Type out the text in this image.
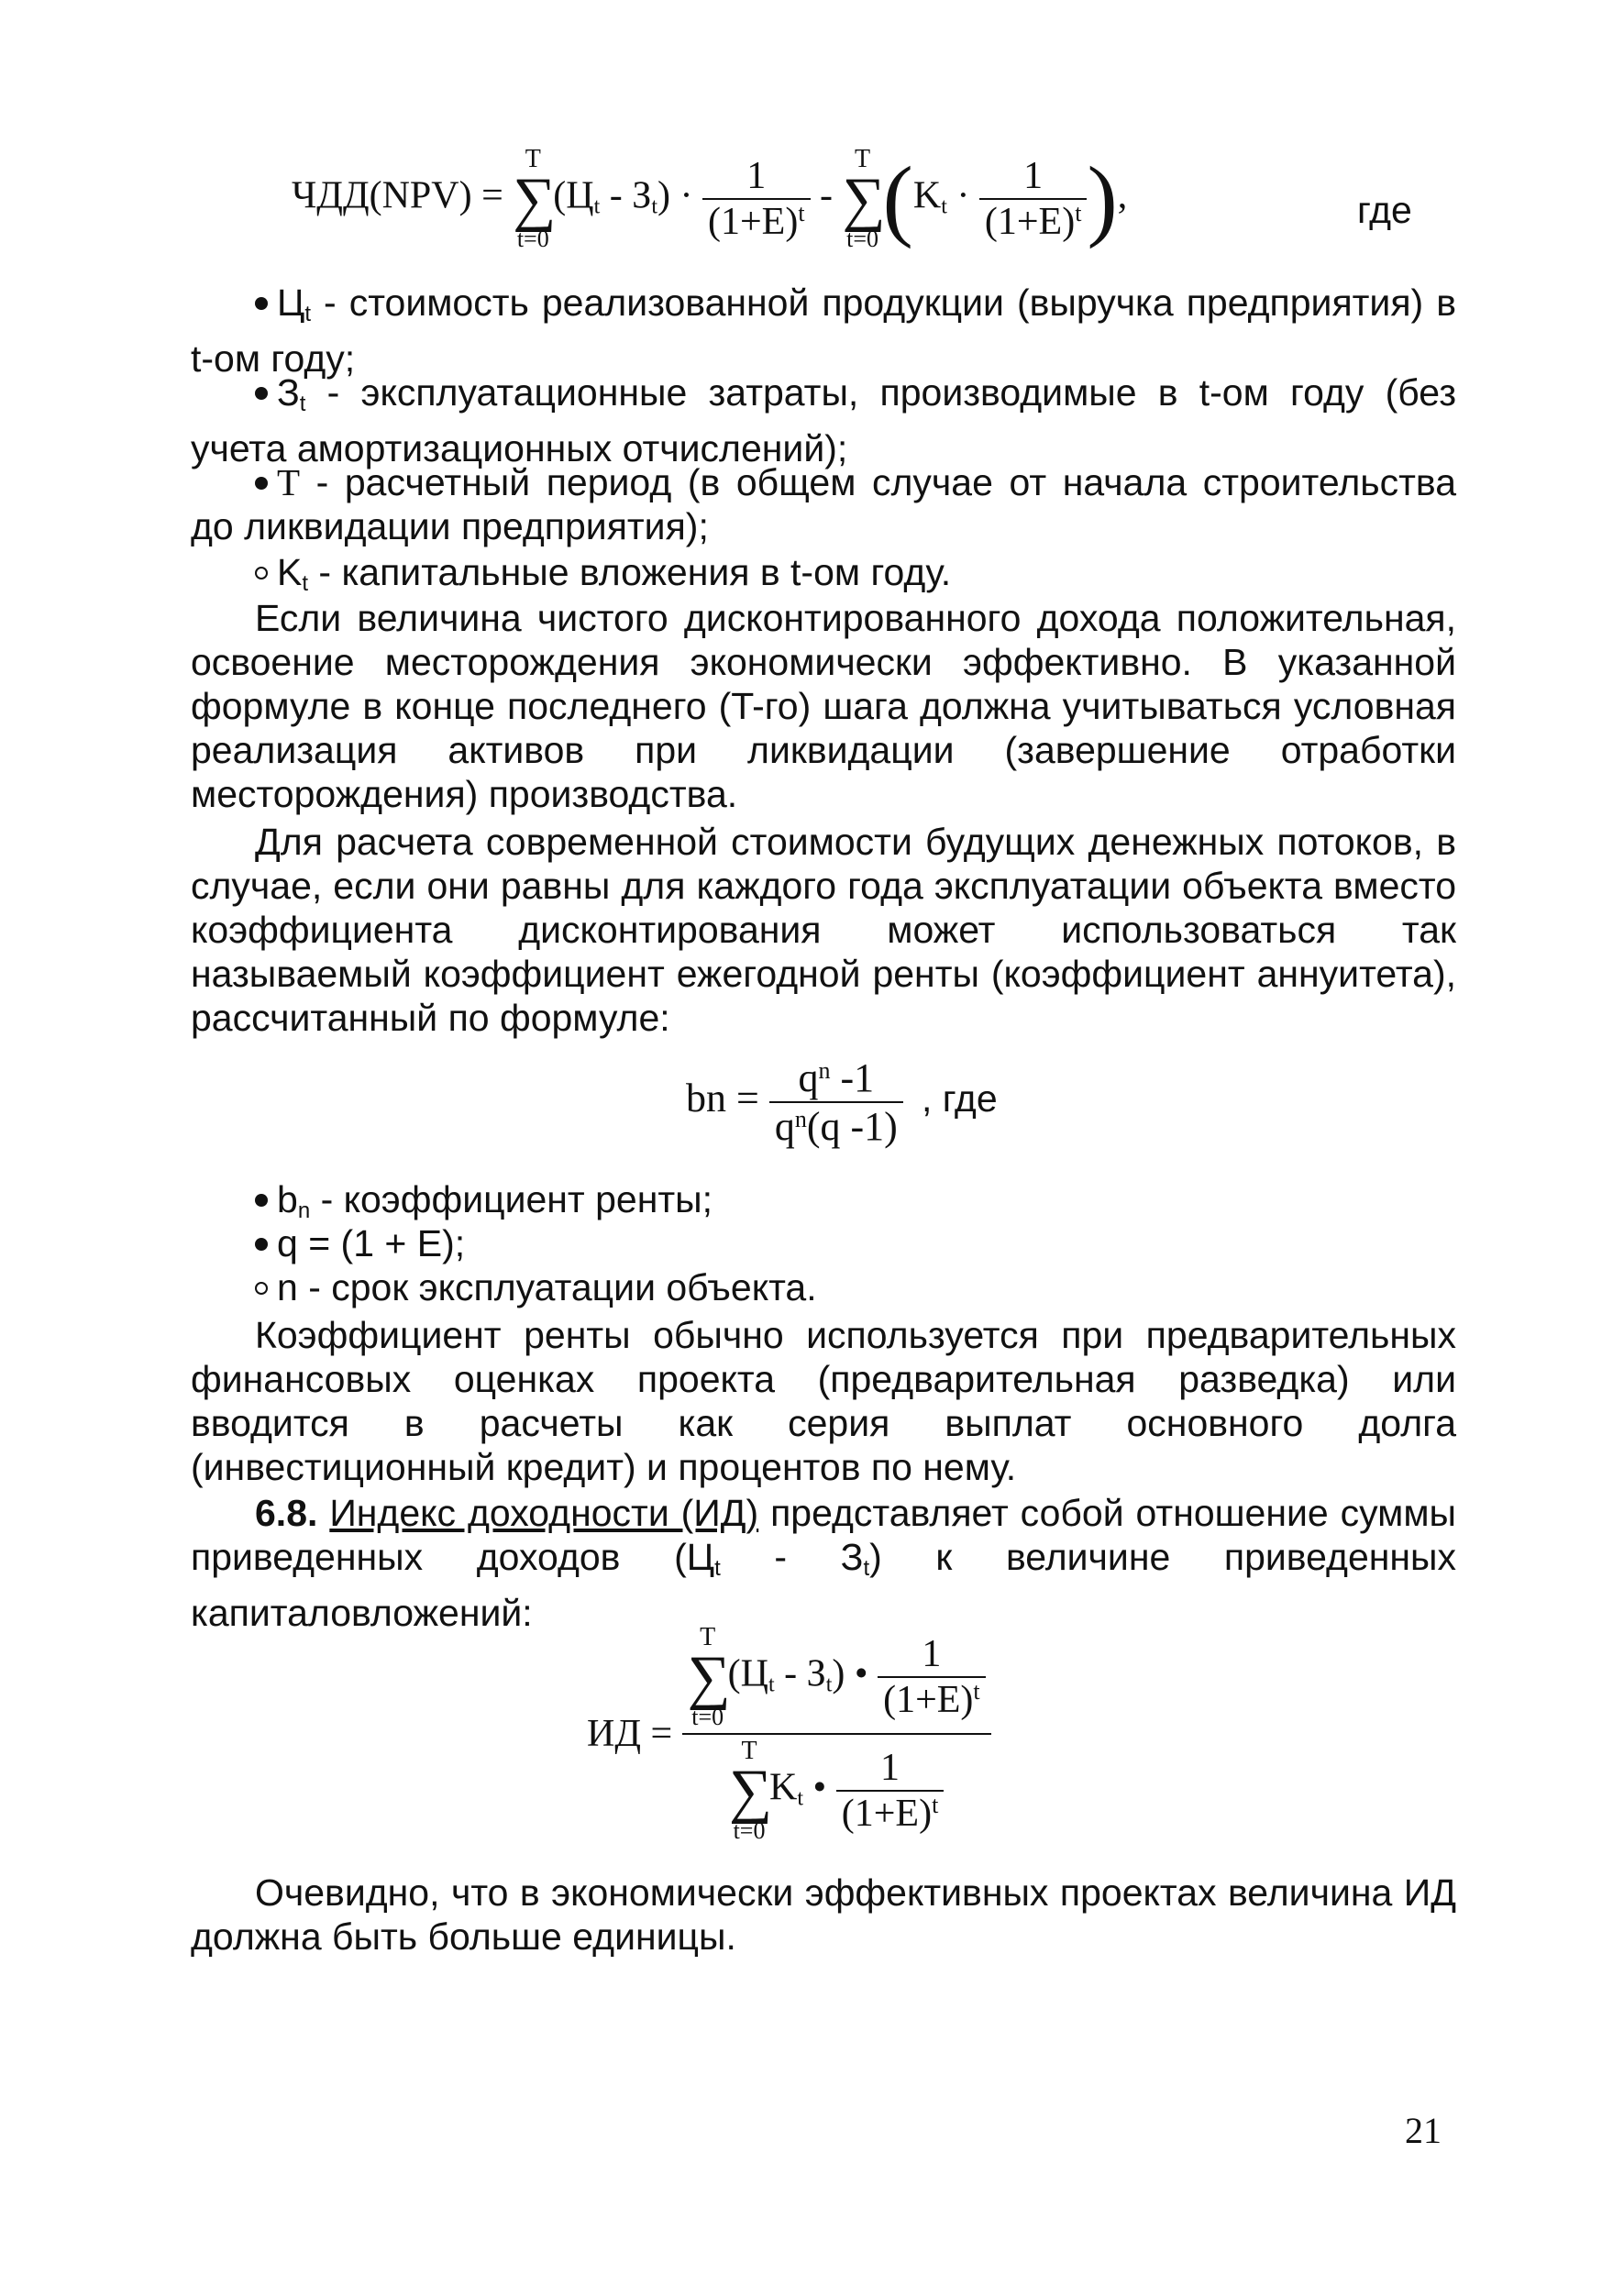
ЧДД(NPV) =
T
∑
t=0
$(Ц_t - З_t) \cdot \frac{1}{(1+E)^t}$ -
T
∑
t=0 ($K_t \cdot \frac{1}{(1+E)^t}$ ),	где

$Ц_t$ - стоимость реализованной продукции (выручка предприятия) в t-ом году;

$З_t$ - эксплуатационные затраты, производимые в t-ом году (без учета амортизационных отчислений);

T - расчетный период (в общем случае от начала строительства до ликвидации предприятия);

$K_t$ - капитальные вложения в t-ом году.

Если величина чистого дисконтированного дохода положительная, освоение месторождения экономически эффективно. В указанной формуле в конце последнего (T-го) шага должна учитываться условная реализация активов при ликвидации (завершение отработки месторождения) производства.

Для расчета современной стоимости будущих денежных потоков, в случае, если они равны для каждого года эксплуатации объекта вместо коэффициента дисконтирования может использоваться так называемый коэффициент ежегодной ренты (коэффициент аннуитета), рассчитанный по формуле:

bn = $\frac{q^n -1}{q^n(q -1)}$ , где

$b_n$ - коэффициент ренты;

q = (1 + E);

n - срок эксплуатации объекта.

Коэффициент ренты обычно используется при предварительных финансовых оценках проекта (предварительная разведка) или вводится в расчеты как серия выплат основного долга (инвестиционный кредит) и процентов по нему.

6.8. Индекс доходности (ИД) представляет собой отношение суммы приведенных доходов $(Ц_t - З_t)$ к величине приведенных капиталовложений:

ИД = T
∑
t=0
$(Ц_t - З_t)$ • $\frac{1}{(1+E)^t}$
T
∑
t=0
$K_t$ • $\frac{1}{(1+E)^t}$

Очевидно, что в экономически эффективных проектах величина ИД должна быть больше единицы.

21
